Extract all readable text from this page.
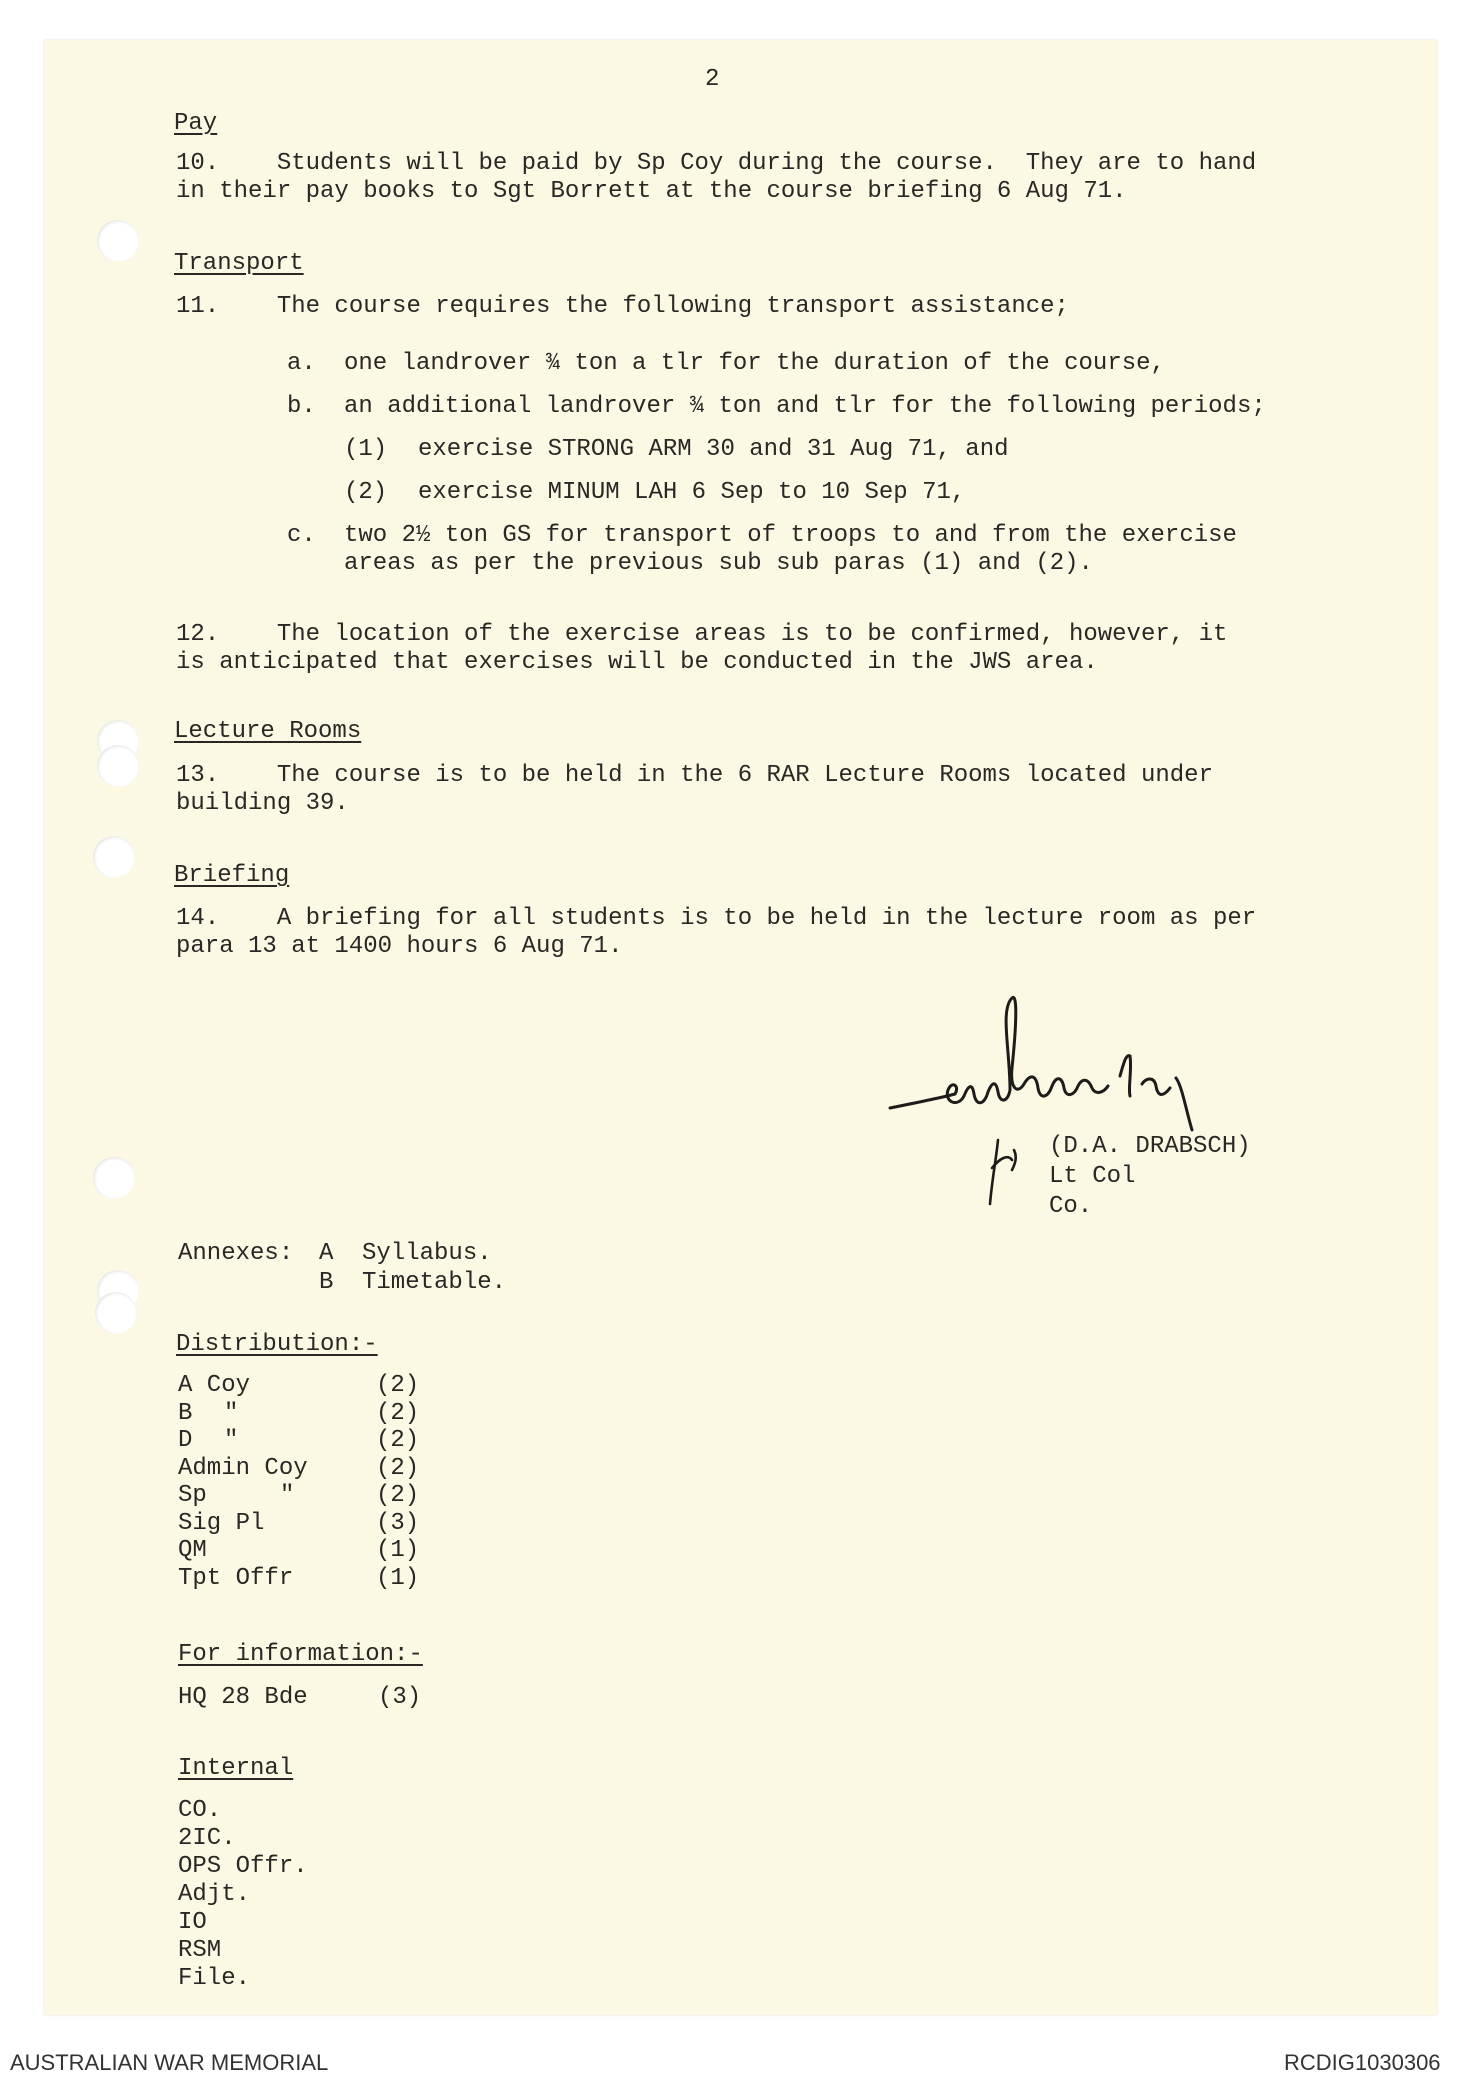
2
Pay
10.    Students will be paid by Sp Coy during the course.  They are to hand
in their pay books to Sgt Borrett at the course briefing 6 Aug 71.
Transport
11.    The course requires the following transport assistance;
a. one landrover ¾ ton a tlr for the duration of the course,
b. an additional landrover ¾ ton and tlr for the following periods;
(1) exercise STRONG ARM 30 and 31 Aug 71, and
(2) exercise MINUM LAH 6 Sep to 10 Sep 71,
c. two 2½ ton GS for transport of troops to and from the exercise
areas as per the previous sub sub paras (1) and (2).
12.    The location of the exercise areas is to be confirmed, however, it
is anticipated that exercises will be conducted in the JWS area.
Lecture Rooms
13.    The course is to be held in the 6 RAR Lecture Rooms located under
building 39.
Briefing
14.    A briefing for all students is to be held in the lecture room as per
para 13 at 1400 hours 6 Aug 71.
(D.A. DRABSCH)
Lt Col
Co.
Annexes: A Syllabus.
B Timetable.
Distribution:-
A Coy	(2)
B "	(2)
D "	(2)
Admin Coy	(2)
Sp	"	(2)
Sig Pl	(3)
QM	(1)
Tpt Offr	(1)
For information:-
HQ 28 Bde	(3)
Internal
CO.
2IC.
OPS Offr.
Adjt.
IO
RSM
File.
AUSTRALIAN WAR MEMORIAL	RCDIG1030306
